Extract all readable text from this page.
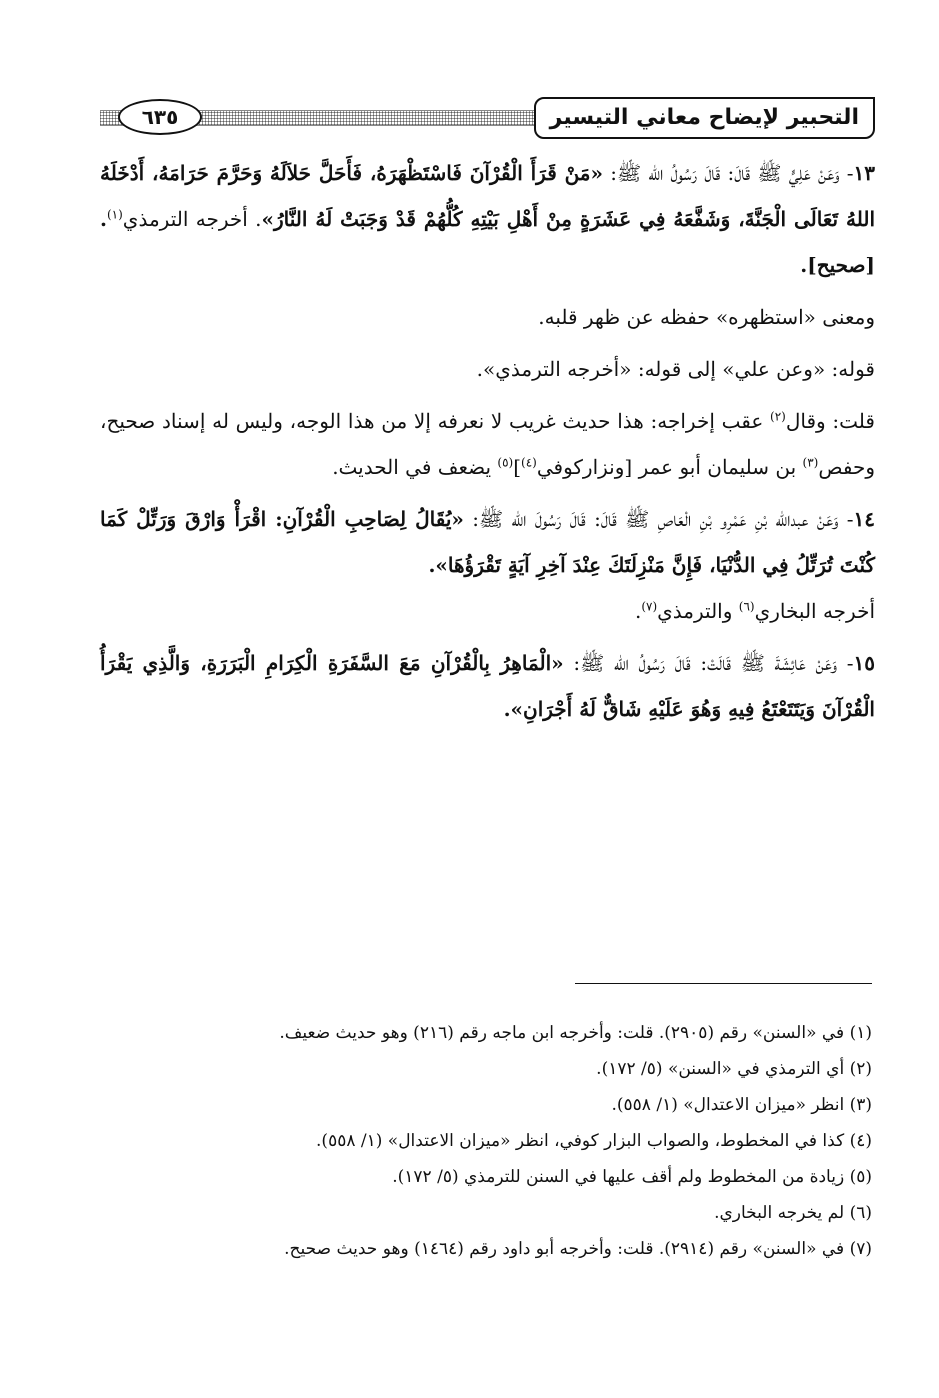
التحبير لإيضاح معاني التيسير
٦٣٥

١٣- وَعَنْ عَلِيٍّ ﷺ قَالَ: قَالَ رَسُولُ الله ﷺ: «مَنْ قَرَأَ الْقُرْآنَ فَاسْتَظْهَرَهُ، فَأَحَلَّ حَلاَلَهُ وَحَرَّمَ حَرَامَهُ، أَدْخَلَهُ اللهُ تَعَالَى الْجَنَّةَ، وَشَفَّعَهُ فِي عَشَرَةٍ مِنْ أَهْلِ بَيْتِهِ كُلُّهُمْ قَدْ وَجَبَتْ لَهُ النَّارُ». أخرجه الترمذي$^{(١)}$. [صحيح].

ومعنى «استظهره» حفظه عن ظهر قلبه.

قوله: «وعن علي» إلى قوله: «أخرجه الترمذي».

قلت: وقال$^{(٢)}$ عقب إخراجه: هذا حديث غريب لا نعرفه إلا من هذا الوجه، وليس له إسناد صحيح، وحفص$^{(٣)}$ بن سليمان أبو عمر [ونزاركوفي$^{(٤)}$]$^{(٥)}$ يضعف في الحديث.

١٤- وَعَنْ عبدالله بْنِ عَمْرِو بْنِ الْعَاصِ ﷺ قَالَ: قَالَ رَسُولَ الله ﷺ: «يُقَالُ لِصَاحِبِ الْقُرْآنِ: اقْرَأْ وَارْقَ وَرَتِّلْ كَمَا كُنْتَ تُرَتِّلُ فِي الدُّنْيَا، فَإِنَّ مَنْزِلَتَكَ عِنْدَ آخِرِ آيَةٍ تَقْرَؤُهَا».
أخرجه البخاري$^{(٦)}$ والترمذي$^{(٧)}$.

١٥- وَعَنْ عَائِشَةَ ﷺ قَالَتْ: قَالَ رَسُولُ الله ﷺ: «الْمَاهِرُ بِالْقُرْآنِ مَعَ السَّفَرَةِ الْكِرَامِ الْبَرَرَةِ، وَالَّذِي يَقْرَأُ الْقُرْآنَ وَيَتَتَعْتَعُ فِيهِ وَهُوَ عَلَيْهِ شَاقٌّ لَهُ أَجْرَانِ».

(١) في «السنن» رقم (٢٩٠٥). قلت: وأخرجه ابن ماجه رقم (٢١٦) وهو حديث ضعيف.

(٢) أي الترمذي في «السنن» (٥/ ١٧٢).

(٣) انظر «ميزان الاعتدال» (١/ ٥٥٨).

(٤) كذا في المخطوط، والصواب البزار كوفي، انظر «ميزان الاعتدال» (١/ ٥٥٨).

(٥) زيادة من المخطوط ولم أقف عليها في السنن للترمذي (٥/ ١٧٢).

(٦) لم يخرجه البخاري.

(٧) في «السنن» رقم (٢٩١٤). قلت: وأخرجه أبو داود رقم (١٤٦٤) وهو حديث صحيح.
